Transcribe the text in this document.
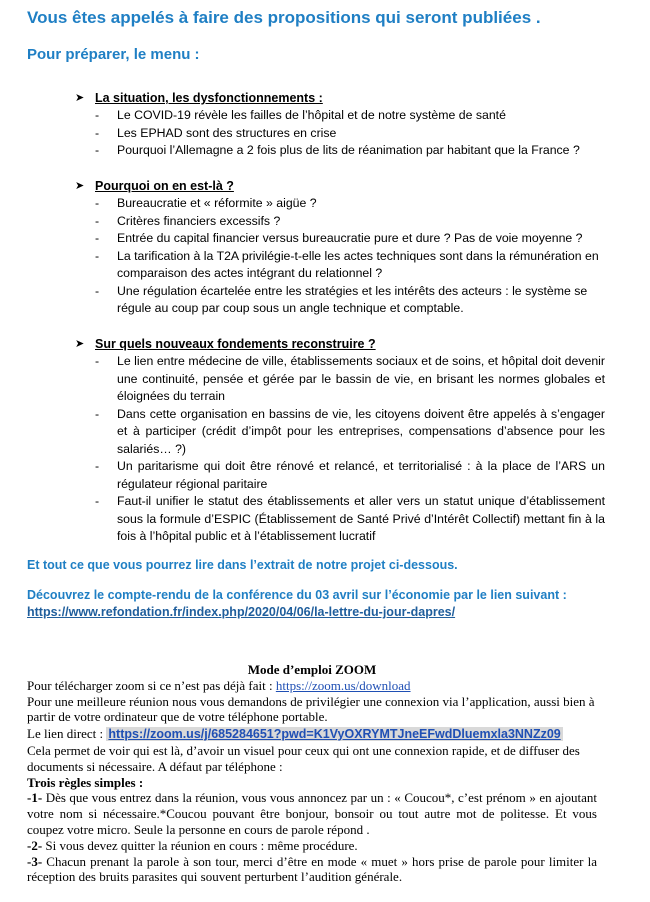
Vous êtes appelés à faire des propositions qui seront publiées .
Pour préparer, le menu :
➤ La situation, les dysfonctionnements :
- Le COVID-19 révèle les failles de l’hôpital et de notre système de santé
- Les EPHAD sont des structures en crise
- Pourquoi l’Allemagne a 2 fois plus de lits de réanimation par habitant que la France ?
➤ Pourquoi on en est-là ?
- Bureaucratie et « réformite » aigüe ?
- Critères financiers excessifs ?
- Entrée du capital financier versus bureaucratie pure et dure ? Pas de voie moyenne ?
- La tarification à la T2A privilégie-t-elle les actes techniques sont dans la rémunération en comparaison des actes intégrant du relationnel ?
- Une régulation écartelée entre les stratégies et les intérêts des acteurs : le système se régule au coup par coup sous un angle technique et comptable.
➤ Sur quels nouveaux fondements reconstruire ?
- Le lien entre médecine de ville, établissements sociaux et de soins, et hôpital doit devenir une continuité, pensée et gérée par le bassin de vie, en brisant les normes globales et éloignées du terrain
- Dans cette organisation en bassins de vie, les citoyens doivent être appelés à s’engager et à participer (crédit d’impôt pour les entreprises, compensations d’absence pour les salariés… ?)
- Un paritarisme qui doit être rénové et relancé, et territorialisé : à la place de l’ARS un régulateur régional paritaire
- Faut-il unifier le statut des établissements et aller vers un statut unique d’établissement sous la formule d’ESPIC (Établissement de Santé Privé d’Intérêt Collectif) mettant fin à la fois à l’hôpital public et à l’établissement lucratif
Et tout ce que vous pourrez lire dans l’extrait de notre projet ci-dessous.
Découvrez le compte-rendu de la conférence du 03 avril sur l’économie par le lien suivant :
https://www.refondation.fr/index.php/2020/04/06/la-lettre-du-jour-dapres/
Mode d’emploi ZOOM
Pour télécharger zoom si ce n’est pas déjà fait : https://zoom.us/download
Pour une meilleure réunion nous vous demandons de privilégier une connexion via l’application, aussi bien à partir de votre ordinateur que de votre téléphone portable.
Le lien direct : https://zoom.us/j/685284651?pwd=K1VyOXRYMTJneEFwdDluemxla3NNZz09
Cela permet de voir qui est là, d’avoir un visuel pour ceux qui ont une connexion rapide, et de diffuser des documents si nécessaire. A défaut par téléphone :
Trois règles simples :
-1- Dès que vous entrez dans la réunion, vous vous annoncez par un : « Coucou*, c’est prénom » en ajoutant votre nom si nécessaire.*Coucou pouvant être bonjour, bonsoir ou tout autre mot de politesse. Et vous coupez votre micro. Seule la personne en cours de parole répond .
-2- Si vous devez quitter la réunion en cours : même procédure.
-3- Chacun prenant la parole à son tour, merci d’être en mode « muet » hors prise de parole pour limiter la réception des bruits parasites qui souvent perturbent l’audition générale.
